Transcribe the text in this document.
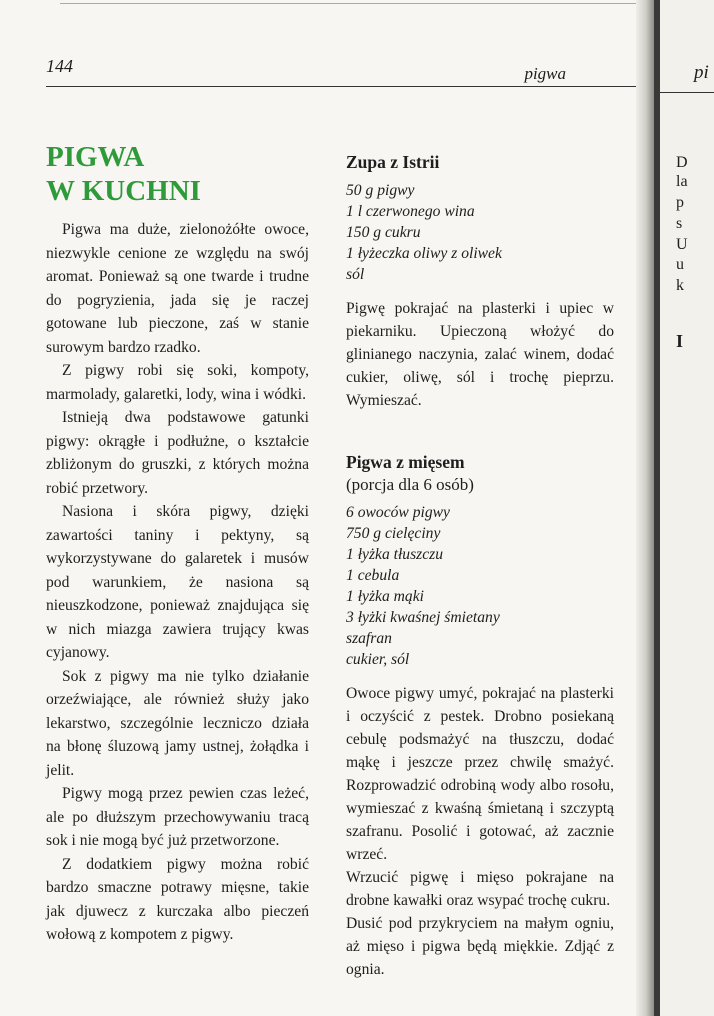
144	pigwa
PIGWA
W KUCHNI

Pigwa ma duże, zielonożółte owoce, niezwykle cenione ze względu na swój aromat. Ponieważ są one twarde i trudne do pogryzienia, jada się je raczej gotowane lub pieczone, zaś w stanie surowym bardzo rzadko.

Z pigwy robi się soki, kompoty, marmolady, galaretki, lody, wina i wódki.

Istnieją dwa podstawowe gatunki pigwy: okrągłe i podłużne, o kształcie zbliżonym do gruszki, z których można robić przetwory.

Nasiona i skóra pigwy, dzięki zawartości taniny i pektyny, są wykorzystywane do galaretek i musów pod warunkiem, że nasiona są nieuszkodzone, ponieważ znajdująca się w nich miazga zawiera trujący kwas cyjanowy.

Sok z pigwy ma nie tylko działanie orzeźwiające, ale również służy jako lekarstwo, szczególnie leczniczo działa na błonę śluzową jamy ustnej, żołądka i jelit.

Pigwy mogą przez pewien czas leżeć, ale po dłuższym przechowywaniu tracą sok i nie mogą być już przetworzone.

Z dodatkiem pigwy można robić bardzo smaczne potrawy mięsne, takie jak djuwecz z kurczaka albo pieczeń wołową z kompotem z pigwy.

Zupa z Istrii

50 g pigwy
1 l czerwonego wina
150 g cukru
1 łyżeczka oliwy z oliwek
sól

Pigwę pokrajać na plasterki i upiec w piekarniku. Upieczoną włożyć do glinianego naczynia, zalać winem, dodać cukier, oliwę, sól i trochę pieprzu. Wymieszać.

Pigwa z mięsem

(porcja dla 6 osób)

6 owoców pigwy
750 g cielęciny
1 łyżka tłuszczu
1 cebula
1 łyżka mąki
3 łyżki kwaśnej śmietany
szafran
cukier, sól

Owoce pigwy umyć, pokrajać na plasterki i oczyścić z pestek. Drobno posiekaną cebulę podsmażyć na tłuszczu, dodać mąkę i jeszcze przez chwilę smażyć. Rozprowadzić odrobiną wody albo rosołu, wymieszać z kwaśną śmietaną i szczyptą szafranu. Posolić i gotować, aż zacznie wrzeć.

Wrzucić pigwę i mięso pokrajane na drobne kawałki oraz wsypać trochę cukru.

Dusić pod przykryciem na małym ogniu, aż mięso i pigwa będą miękkie. Zdjąć z ognia.

pi
D
la
p
s
U
u
k
I
